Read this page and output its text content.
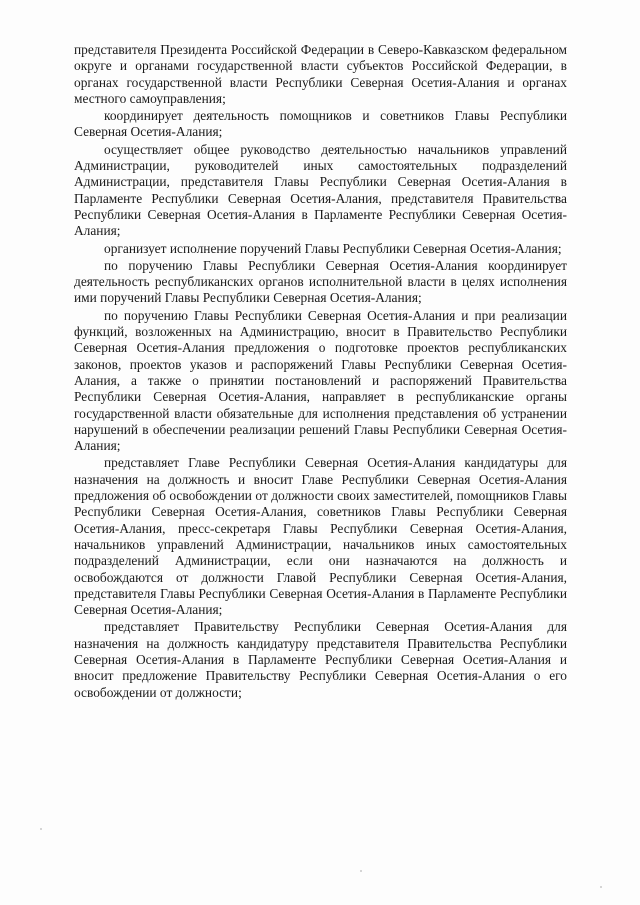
представителя Президента Российской Федерации в Северо-Кавказском федеральном округе и органами государственной власти субъектов Российской Федерации, в органах государственной власти Республики Северная Осетия-Алания и органах местного самоуправления;

координирует деятельность помощников и советников Главы Республики Северная Осетия-Алания;

осуществляет общее руководство деятельностью начальников управлений Администрации, руководителей иных самостоятельных подразделений Администрации, представителя Главы Республики Северная Осетия-Алания в Парламенте Республики Северная Осетия-Алания, представителя Правительства Республики Северная Осетия-Алания в Парламенте Республики Северная Осетия-Алания;

организует исполнение поручений Главы Республики Северная Осетия-Алания;

по поручению Главы Республики Северная Осетия-Алания координирует деятельность республиканских органов исполнительной власти в целях исполнения ими поручений Главы Республики Северная Осетия-Алания;

по поручению Главы Республики Северная Осетия-Алания и при реализации функций, возложенных на Администрацию, вносит в Правительство Республики Северная Осетия-Алания предложения о подготовке проектов республиканских законов, проектов указов и распоряжений Главы Республики Северная Осетия-Алания, а также о принятии постановлений и распоряжений Правительства Республики Северная Осетия-Алания, направляет в республиканские органы государственной власти обязательные для исполнения представления об устранении нарушений в обеспечении реализации решений Главы Республики Северная Осетия-Алания;

представляет Главе Республики Северная Осетия-Алания кандидатуры для назначения на должность и вносит Главе Республики Северная Осетия-Алания предложения об освобождении от должности своих заместителей, помощников Главы Республики Северная Осетия-Алания, советников Главы Республики Северная Осетия-Алания, пресс-секретаря Главы Республики Северная Осетия-Алания, начальников управлений Администрации, начальников иных самостоятельных подразделений Администрации, если они назначаются на должность и освобождаются от должности Главой Республики Северная Осетия-Алания, представителя Главы Республики Северная Осетия-Алания в Парламенте Республики Северная Осетия-Алания;

представляет Правительству Республики Северная Осетия-Алания для назначения на должность кандидатуру представителя Правительства Республики Северная Осетия-Алания в Парламенте Республики Северная Осетия-Алания и вносит предложение Правительству Республики Северная Осетия-Алания о его освобождении от должности;
